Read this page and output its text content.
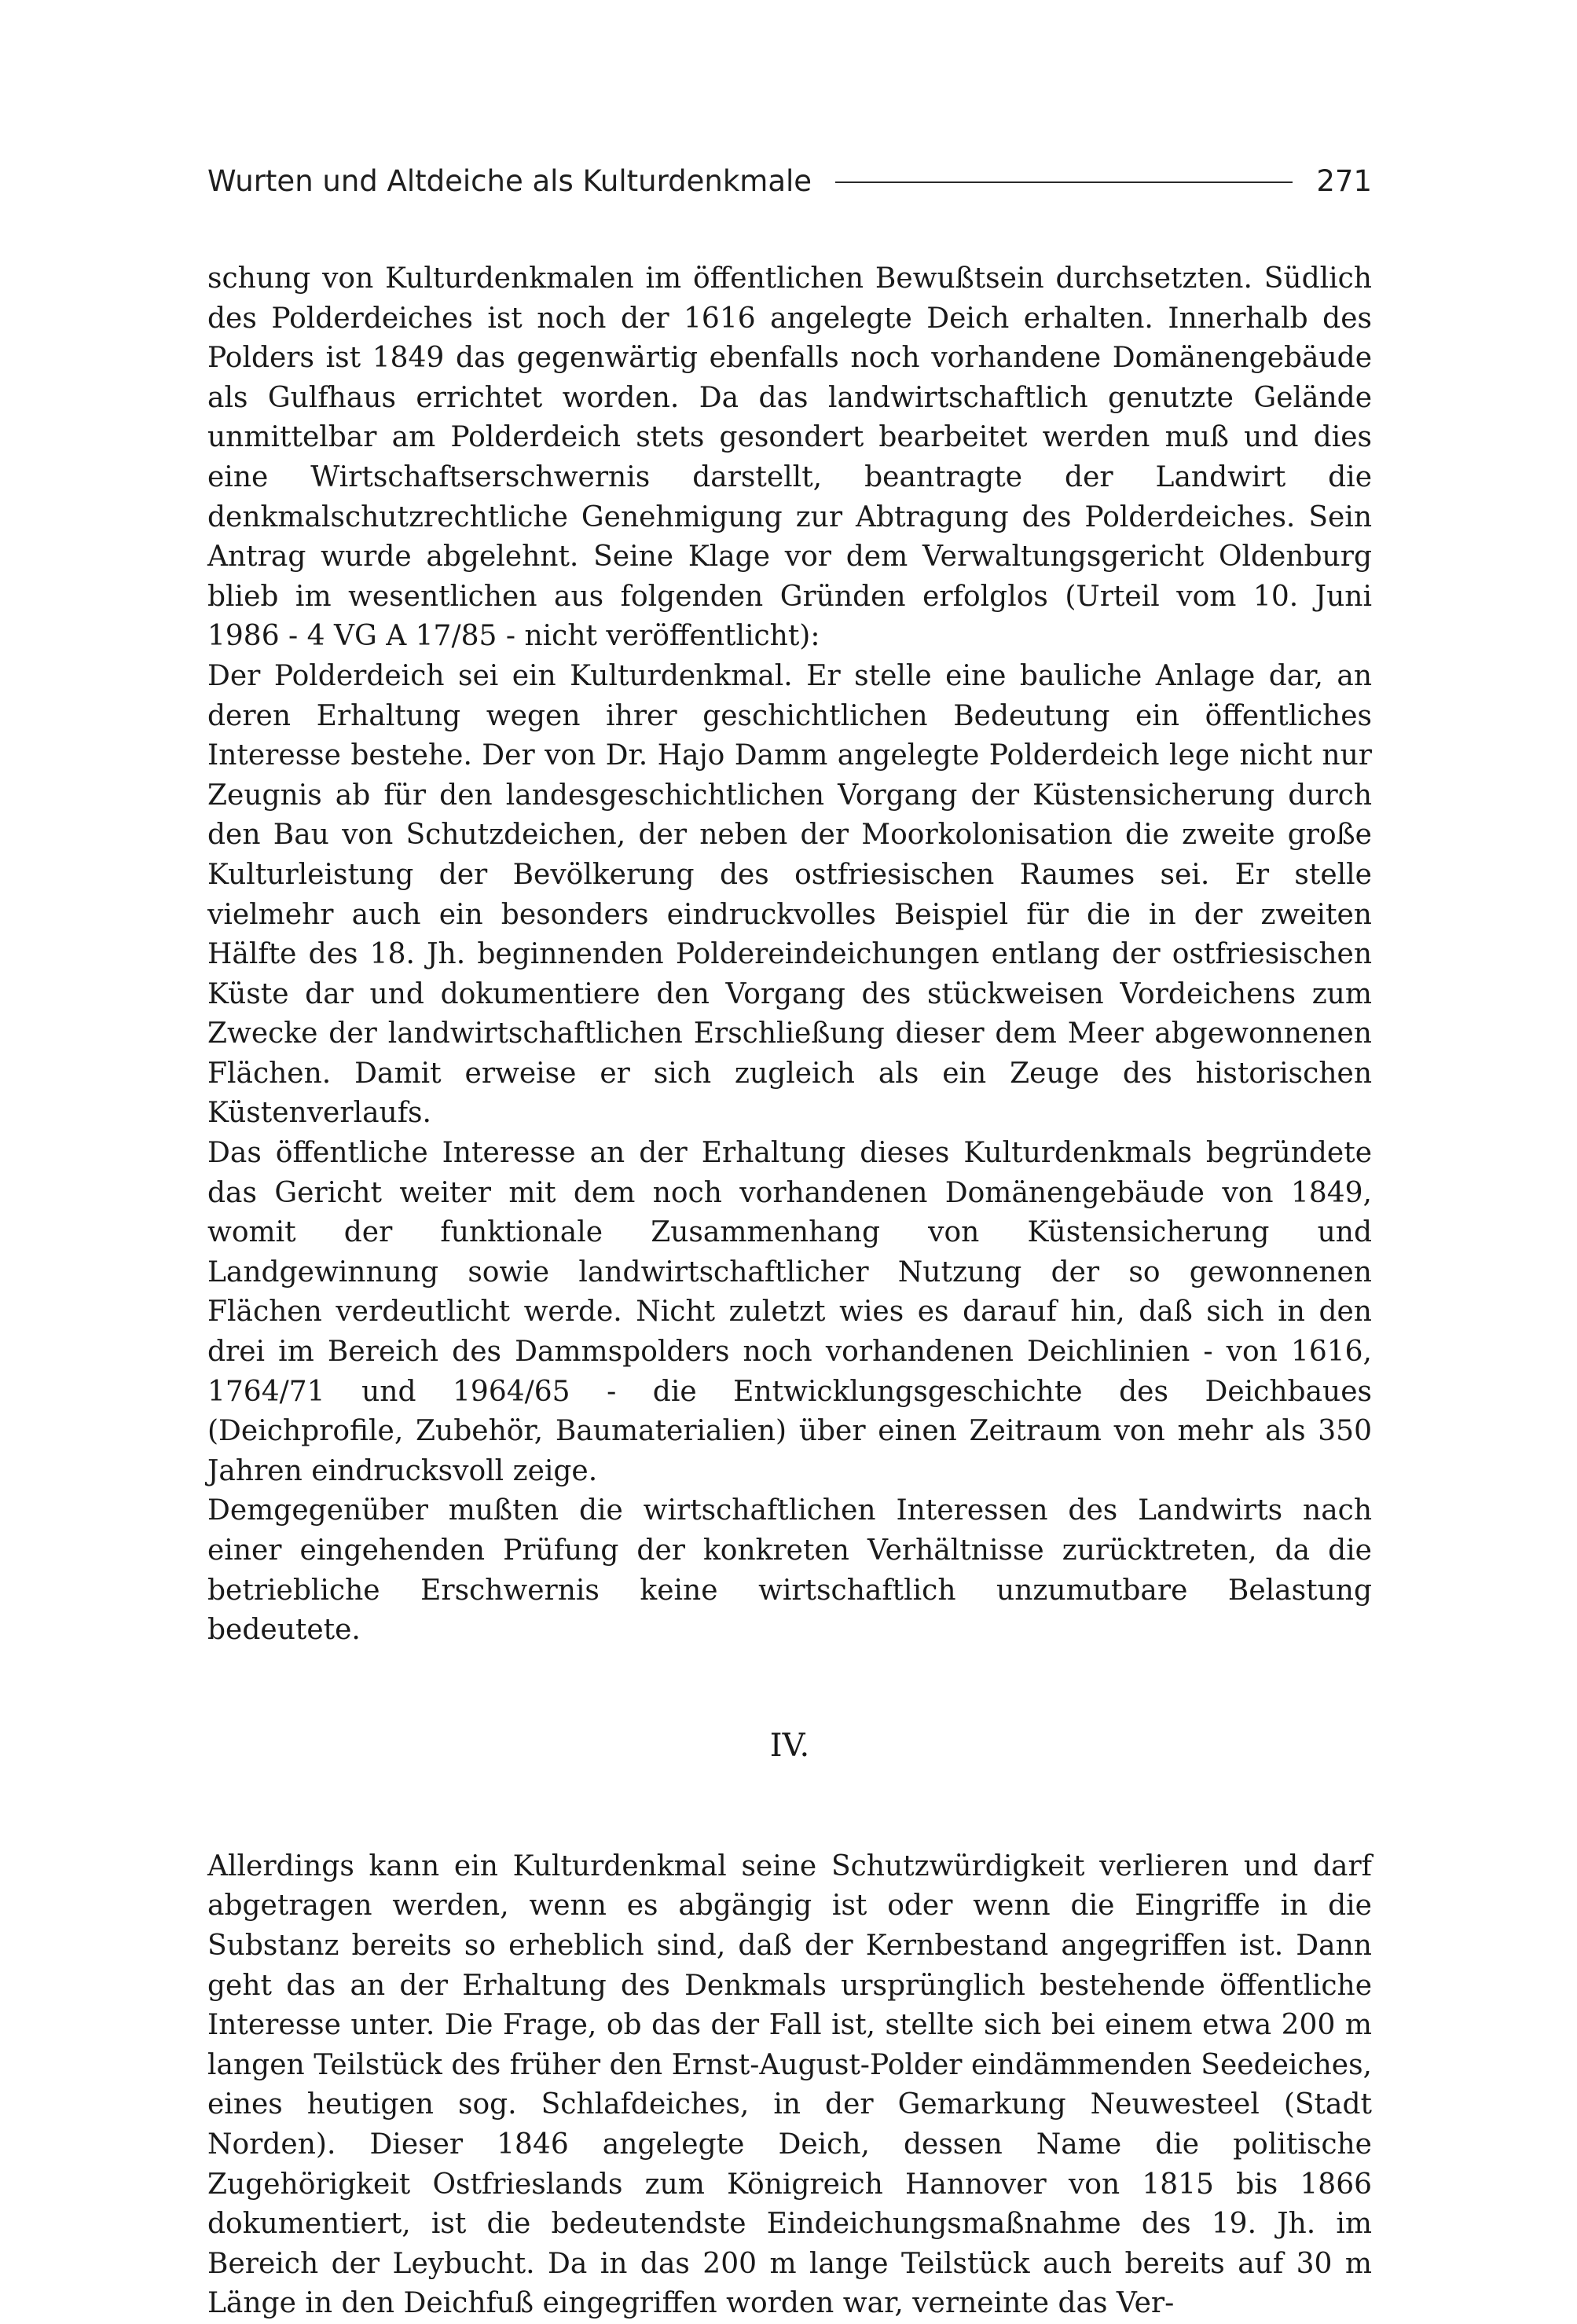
Wurten und Altdeiche als Kulturdenkmale	271

schung von Kulturdenkmalen im öffentlichen Bewußtsein durchsetzten. Südlich des Polderdeiches ist noch der 1616 angelegte Deich erhalten. Innerhalb des Polders ist 1849 das gegenwärtig ebenfalls noch vorhandene Domänengebäude als Gulfhaus errichtet worden. Da das landwirtschaftlich genutzte Gelände unmittelbar am Polderdeich stets gesondert bearbeitet werden muß und dies eine Wirtschaftserschwernis darstellt, beantragte der Landwirt die denkmalschutzrechtliche Genehmigung zur Abtragung des Polderdeiches. Sein Antrag wurde abgelehnt. Seine Klage vor dem Verwaltungsgericht Oldenburg blieb im wesentlichen aus folgenden Gründen erfolglos (Urteil vom 10. Juni 1986 - 4 VG A 17/85 - nicht veröffentlicht):

Der Polderdeich sei ein Kulturdenkmal. Er stelle eine bauliche Anlage dar, an deren Erhaltung wegen ihrer geschichtlichen Bedeutung ein öffentliches Interesse bestehe. Der von Dr. Hajo Damm angelegte Polderdeich lege nicht nur Zeugnis ab für den landesgeschichtlichen Vorgang der Küstensicherung durch den Bau von Schutzdeichen, der neben der Moorkolonisation die zweite große Kulturleistung der Bevölkerung des ostfriesischen Raumes sei. Er stelle vielmehr auch ein besonders eindruckvolles Beispiel für die in der zweiten Hälfte des 18. Jh. beginnenden Poldereindeichungen entlang der ostfriesischen Küste dar und dokumentiere den Vorgang des stückweisen Vordeichens zum Zwecke der landwirtschaftlichen Erschließung dieser dem Meer abgewonnenen Flächen. Damit erweise er sich zugleich als ein Zeuge des historischen Küstenverlaufs.

Das öffentliche Interesse an der Erhaltung dieses Kulturdenkmals begründete das Gericht weiter mit dem noch vorhandenen Domänengebäude von 1849, womit der funktionale Zusammenhang von Küstensicherung und Landgewinnung sowie landwirtschaftlicher Nutzung der so gewonnenen Flächen verdeutlicht werde. Nicht zuletzt wies es darauf hin, daß sich in den drei im Bereich des Dammspolders noch vorhandenen Deichlinien - von 1616, 1764/71 und 1964/65 - die Entwicklungsgeschichte des Deichbaues (Deichprofile, Zubehör, Baumaterialien) über einen Zeitraum von mehr als 350 Jahren eindrucksvoll zeige.

Demgegenüber mußten die wirtschaftlichen Interessen des Landwirts nach einer eingehenden Prüfung der konkreten Verhältnisse zurücktreten, da die betriebliche Erschwernis keine wirtschaftlich unzumutbare Belastung bedeutete.

IV.

Allerdings kann ein Kulturdenkmal seine Schutzwürdigkeit verlieren und darf abgetragen werden, wenn es abgängig ist oder wenn die Eingriffe in die Substanz bereits so erheblich sind, daß der Kernbestand angegriffen ist. Dann geht das an der Erhaltung des Denkmals ursprünglich bestehende öffentliche Interesse unter. Die Frage, ob das der Fall ist, stellte sich bei einem etwa 200 m langen Teilstück des früher den Ernst-August-Polder eindämmenden Seedeiches, eines heutigen sog. Schlafdeiches, in der Gemarkung Neuwesteel (Stadt Norden). Dieser 1846 angelegte Deich, dessen Name die politische Zugehörigkeit Ostfrieslands zum Königreich Hannover von 1815 bis 1866 dokumentiert, ist die bedeutendste Eindeichungsmaßnahme des 19. Jh. im Bereich der Leybucht. Da in das 200 m lange Teilstück auch bereits auf 30 m Länge in den Deichfuß eingegriffen worden war, verneinte das Ver-
